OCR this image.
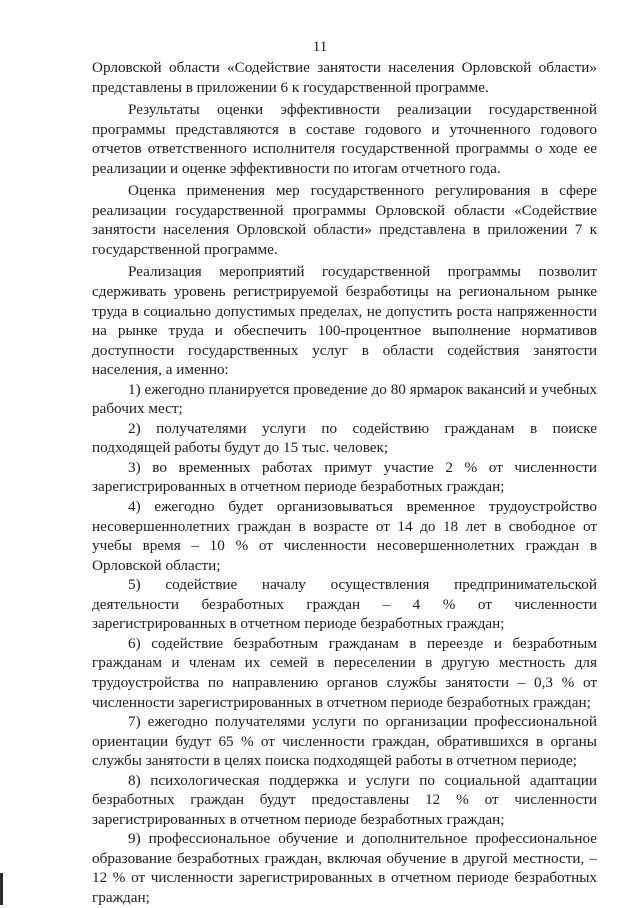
11

Орловской области «Содействие занятости населения Орловской области» представлены в приложении 6 к государственной программе.

Результаты оценки эффективности реализации государственной программы представляются в составе годового и уточненного годового отчетов ответственного исполнителя государственной программы о ходе ее реализации и оценке эффективности по итогам отчетного года.

Оценка применения мер государственного регулирования в сфере реализации государственной программы Орловской области «Содействие занятости населения Орловской области» представлена в приложении 7 к государственной программе.

Реализация мероприятий государственной программы позволит сдерживать уровень регистрируемой безработицы на региональном рынке труда в социально допустимых пределах, не допустить роста напряженности на рынке труда и обеспечить 100-процентное выполнение нормативов доступности государственных услуг в области содействия занятости населения, а именно:

1) ежегодно планируется проведение до 80 ярмарок вакансий и учебных рабочих мест;

2) получателями услуги по содействию гражданам в поиске подходящей работы будут до 15 тыс. человек;

3) во временных работах примут участие 2 % от численности зарегистрированных в отчетном периоде безработных граждан;

4) ежегодно будет организовываться временное трудоустройство несовершеннолетних граждан в возрасте от 14 до 18 лет в свободное от учебы время – 10 % от численности несовершеннолетних граждан в Орловской области;

5) содействие началу осуществления предпринимательской деятельности безработных граждан – 4 % от численности зарегистрированных в отчетном периоде безработных граждан;

6) содействие безработным гражданам в переезде и безработным гражданам и членам их семей в переселении в другую местность для трудоустройства по направлению органов службы занятости – 0,3 % от численности зарегистрированных в отчетном периоде безработных граждан;

7) ежегодно получателями услуги по организации профессиональной ориентации будут 65 % от численности граждан, обратившихся в органы службы занятости в целях поиска подходящей работы в отчетном периоде;

8) психологическая поддержка и услуги по социальной адаптации безработных граждан будут предоставлены 12 % от численности зарегистрированных в отчетном периоде безработных граждан;

9) профессиональное обучение и дополнительное профессиональное образование безработных граждан, включая обучение в другой местности, – 12 % от численности зарегистрированных в отчетном периоде безработных граждан;
